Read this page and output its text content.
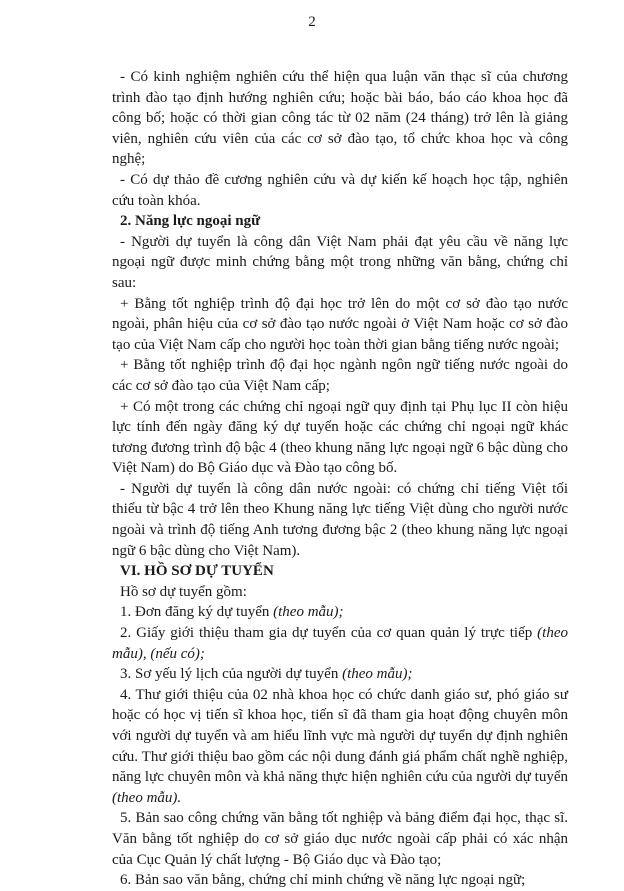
2

- Có kinh nghiệm nghiên cứu thể hiện qua luận văn thạc sĩ của chương trình đào tạo định hướng nghiên cứu; hoặc bài báo, báo cáo khoa học đã công bố; hoặc có thời gian công tác từ 02 năm (24 tháng) trở lên là giảng viên, nghiên cứu viên của các cơ sở đào tạo, tổ chức khoa học và công nghệ;

- Có dự thảo đề cương nghiên cứu và dự kiến kế hoạch học tập, nghiên cứu toàn khóa.

2. Năng lực ngoại ngữ

- Người dự tuyển là công dân Việt Nam phải đạt yêu cầu về năng lực ngoại ngữ được minh chứng bằng một trong những văn bằng, chứng chỉ sau:

+ Bằng tốt nghiệp trình độ đại học trở lên do một cơ sở đào tạo nước ngoài, phân hiệu của cơ sở đào tạo nước ngoài ở Việt Nam hoặc cơ sở đào tạo của Việt Nam cấp cho người học toàn thời gian bằng tiếng nước ngoài;

+ Bằng tốt nghiệp trình độ đại học ngành ngôn ngữ tiếng nước ngoài do các cơ sở đào tạo của Việt Nam cấp;

+ Có một trong các chứng chỉ ngoại ngữ quy định tại Phụ lục II còn hiệu lực tính đến ngày đăng ký dự tuyển hoặc các chứng chỉ ngoại ngữ khác tương đương trình độ bậc 4 (theo khung năng lực ngoại ngữ 6 bậc dùng cho Việt Nam) do Bộ Giáo dục và Đào tạo công bố.

- Người dự tuyển là công dân nước ngoài: có chứng chỉ tiếng Việt tối thiểu từ bậc 4 trở lên theo Khung năng lực tiếng Việt dùng cho người nước ngoài và trình độ tiếng Anh tương đương bậc 2 (theo khung năng lực ngoại ngữ 6 bậc dùng cho Việt Nam).

VI. HỒ SƠ DỰ TUYỂN

Hồ sơ dự tuyển gồm:

1. Đơn đăng ký dự tuyển (theo mẫu);

2. Giấy giới thiệu tham gia dự tuyển của cơ quan quản lý trực tiếp (theo mẫu), (nếu có);

3. Sơ yếu lý lịch của người dự tuyển (theo mẫu);

4. Thư giới thiệu của 02 nhà khoa học có chức danh giáo sư, phó giáo sư hoặc có học vị tiến sĩ khoa học, tiến sĩ đã tham gia hoạt động chuyên môn với người dự tuyển và am hiểu lĩnh vực mà người dự tuyển dự định nghiên cứu. Thư giới thiệu bao gồm các nội dung đánh giá phẩm chất nghề nghiệp, năng lực chuyên môn và khả năng thực hiện nghiên cứu của người dự tuyển (theo mẫu).

5. Bản sao công chứng văn bằng tốt nghiệp và bảng điểm đại học, thạc sĩ. Văn bằng tốt nghiệp do cơ sở giáo dục nước ngoài cấp phải có xác nhận của Cục Quản lý chất lượng - Bộ Giáo dục và Đào tạo;

6. Bản sao văn bằng, chứng chỉ minh chứng về năng lực ngoại ngữ;
